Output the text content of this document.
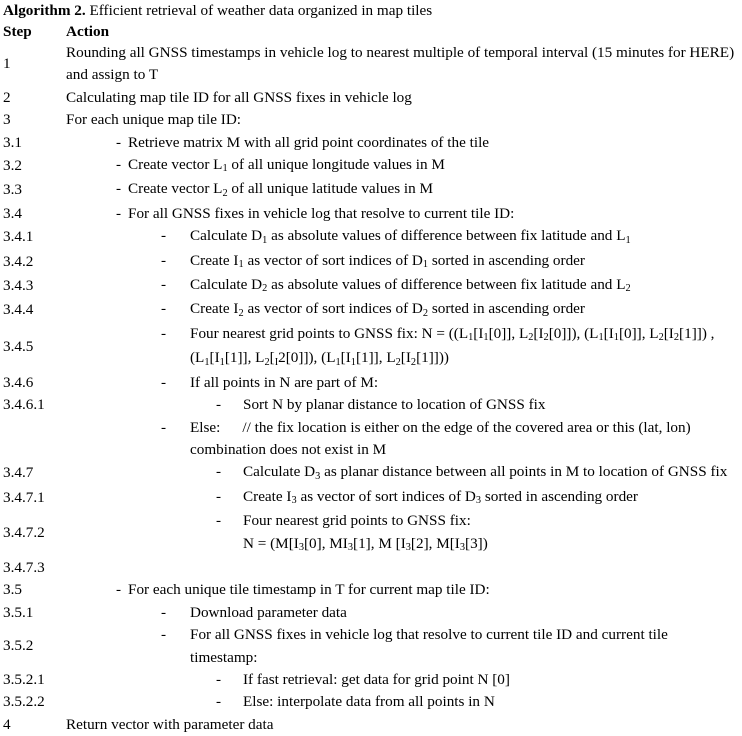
Algorithm 2. Efficient retrieval of weather data organized in map tiles
Step	Action
1	Rounding all GNSS timestamps in vehicle log to nearest multiple of temporal interval (15 minutes for HERE) and assign to T

2	Calculating map tile ID for all GNSS fixes in vehicle log

3	For each unique map tile ID:

3.1	- Retrieve matrix M with all grid point coordinates of the tile

3.2	- Create vector $L_1$ of all unique longitude values in M

3.3	- Create vector $L_2$ of all unique latitude values in M

3.4	- For all GNSS fixes in vehicle log that resolve to current tile ID:

3.4.1	- Calculate $D_1$ as absolute values of difference between fix latitude and $L_1$

3.4.2	- Create $I_1$ as vector of sort indices of $D_1$ sorted in ascending order

3.4.3	- Calculate $D_2$ as absolute values of difference between fix latitude and $L_2$

3.4.4	- Create $I_2$ as vector of sort indices of $D_2$ sorted in ascending order

3.4.5	- Four nearest grid points to GNSS fix: $N = ((L_1[I_1[0]]$, $L_2[I_2[0]]$), ($L_1[I_1[0]]$, $L_2[I_2[1]]$) , ($L_1[I_1[1]]$, $L_2[_I2[0]]$), ($L_1[I_1[1]]$, $L_2[I_2[1]]$))

3.4.6	- If all points in N are part of M:

3.4.6.1	- Sort N by planar distance to location of GNSS fix

	- Else: // the fix location is either on the edge of the covered area or this (lat, lon) combination does not exist in M

3.4.7	- Calculate $D_3$ as planar distance between all points in M to location of GNSS fix

3.4.7.1	- Create $I_3$ as vector of sort indices of $D_3$ sorted in ascending order

3.4.7.2	- Four nearest grid points to GNSS fix:
$N = (M[I_3[0]$, $MI_3[1]$, M [$I_3[2]$, $M[I_3[3])$

3.4.7.3	

3.5	- For each unique tile timestamp in T for current map tile ID:

3.5.1	- Download parameter data

3.5.2	- For all GNSS fixes in vehicle log that resolve to current tile ID and current tile timestamp:

3.5.2.1	- If fast retrieval: get data for grid point N [0]

3.5.2.2	- Else: interpolate data from all points in N

4	Return vector with parameter data
